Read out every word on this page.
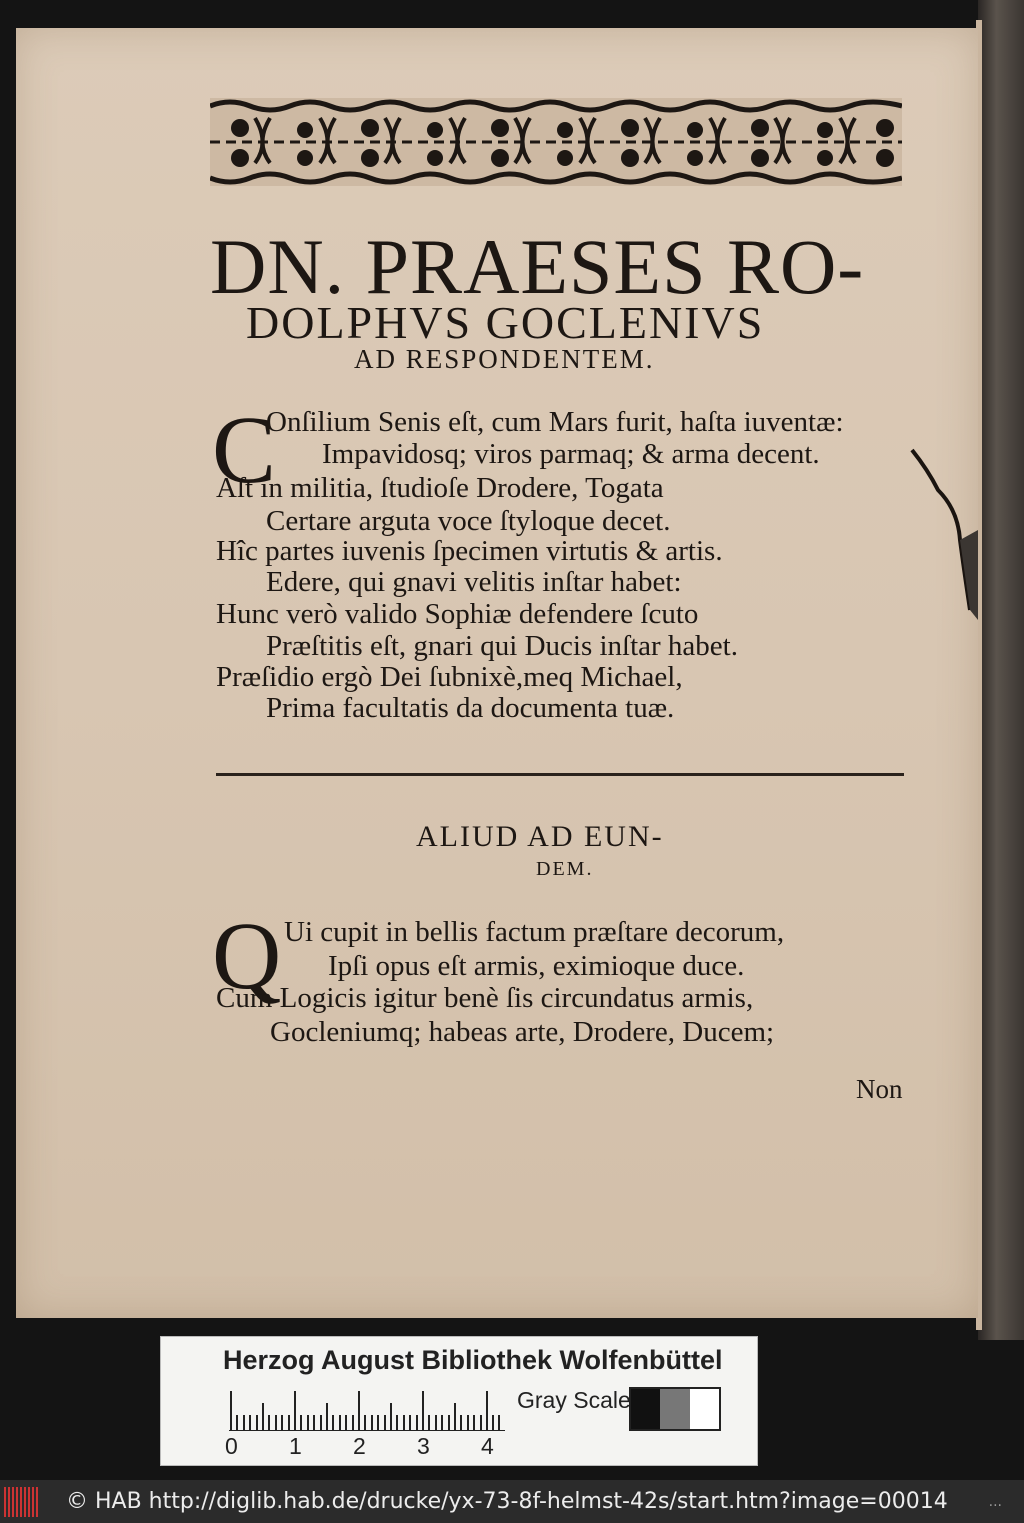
DN. PRAESES RO-
DOLPHVS GOCLENIVS
AD RESPONDENTEM.
C
Onſilium Senis eſt, cum Mars furit, haſta iuventæ:
Impavidosq; viros parmaq; & arma decent.
Aſt in militia, ſtudioſe Drodere, Togata
Certare arguta voce ſtyloque decet.
Hîc partes iuvenis ſpecimen virtutis & artis.
Edere, qui gnavi velitis inſtar habet:
Hunc verò valido Sophiæ defendere ſcuto
Præſtitis eſt, gnari qui Ducis inſtar habet.
Præſidio ergò Dei ſubnixè,meq Michael,
Prima facultatis da documenta tuæ.
ALIUD AD EUN-
DEM.
Q Ui cupit in bellis factum præſtare decorum,
Ipſi opus eſt armis, eximioque duce.
Cum Logicis igitur benè ſis circundatus armis,
Gocleniumq; habeas arte, Drodere, Ducem;
Non
Herzog August Bibliothek Wolfenbüttel
0 1 2 3 4
Gray Scale
© HAB http://diglib.hab.de/drucke/yx-73-8f-helmst-42s/start.htm?image=00014	...
